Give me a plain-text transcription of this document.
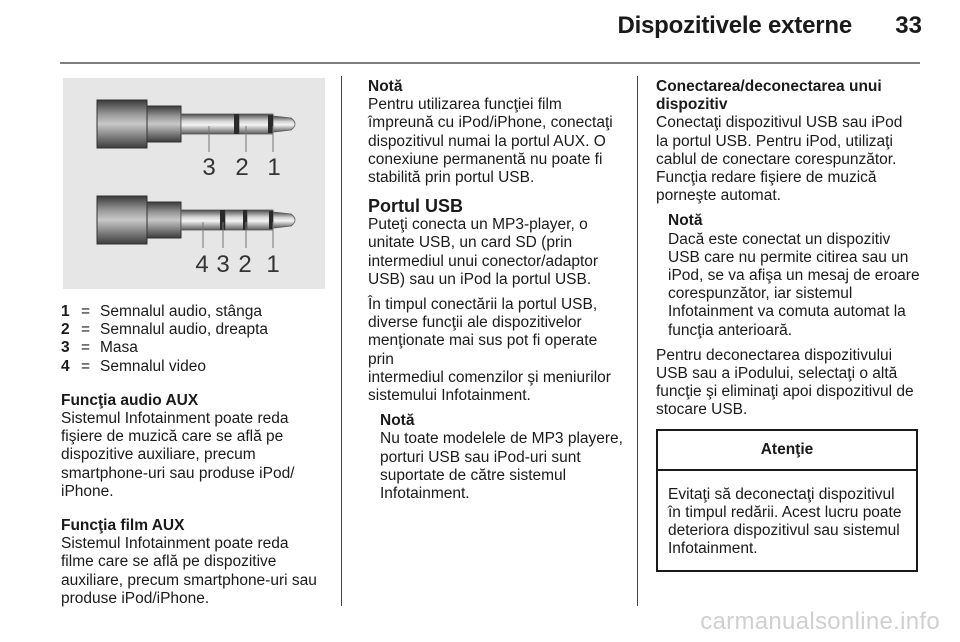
Dispozitivele externe 33
3 2 1
4 3 2 1
1 = Semnalul audio, stânga
2 = Semnalul audio, dreapta
3 = Masa
4 = Semnalul video
Funcţia audio AUX
Sistemul Infotainment poate reda
fişiere de muzică care se află pe
dispozitive auxiliare, precum
smartphone-uri sau produse iPod/
iPhone.
Funcţia film AUX
Sistemul Infotainment poate reda
filme care se află pe dispozitive
auxiliare, precum smartphone-uri sau
produse iPod/iPhone.
Notă
Pentru utilizarea funcţiei film
împreună cu iPod/iPhone, conectaţi
dispozitivul numai la portul AUX. O
conexiune permanentă nu poate fi
stabilită prin portul USB.
Portul USB
Puteţi conecta un MP3-player, o
unitate USB, un card SD (prin
intermediul unui conector/adaptor
USB) sau un iPod la portul USB.
În timpul conectării la portul USB,
diverse funcţii ale dispozitivelor
menţionate mai sus pot fi operate prin
intermediul comenzilor şi meniurilor
sistemului Infotainment.
Notă
Nu toate modelele de MP3 playere,
porturi USB sau iPod-uri sunt
suportate de către sistemul
Infotainment.
Conectarea/deconectarea unui
dispozitiv
Conectaţi dispozitivul USB sau iPod
la portul USB. Pentru iPod, utilizaţi
cablul de conectare corespunzător.
Funcţia redare fişiere de muzică
porneşte automat.
Notă
Dacă este conectat un dispozitiv
USB care nu permite citirea sau un
iPod, se va afişa un mesaj de eroare
corespunzător, iar sistemul
Infotainment va comuta automat la
funcţia anterioară.
Pentru deconectarea dispozitivului
USB sau a iPodului, selectaţi o altă
funcţie şi eliminaţi apoi dispozitivul de
stocare USB.
Atenţie
Evitaţi să deconectaţi dispozitivul
în timpul redării. Acest lucru poate
deteriora dispozitivul sau sistemul
Infotainment.
carmanualsonline.info
